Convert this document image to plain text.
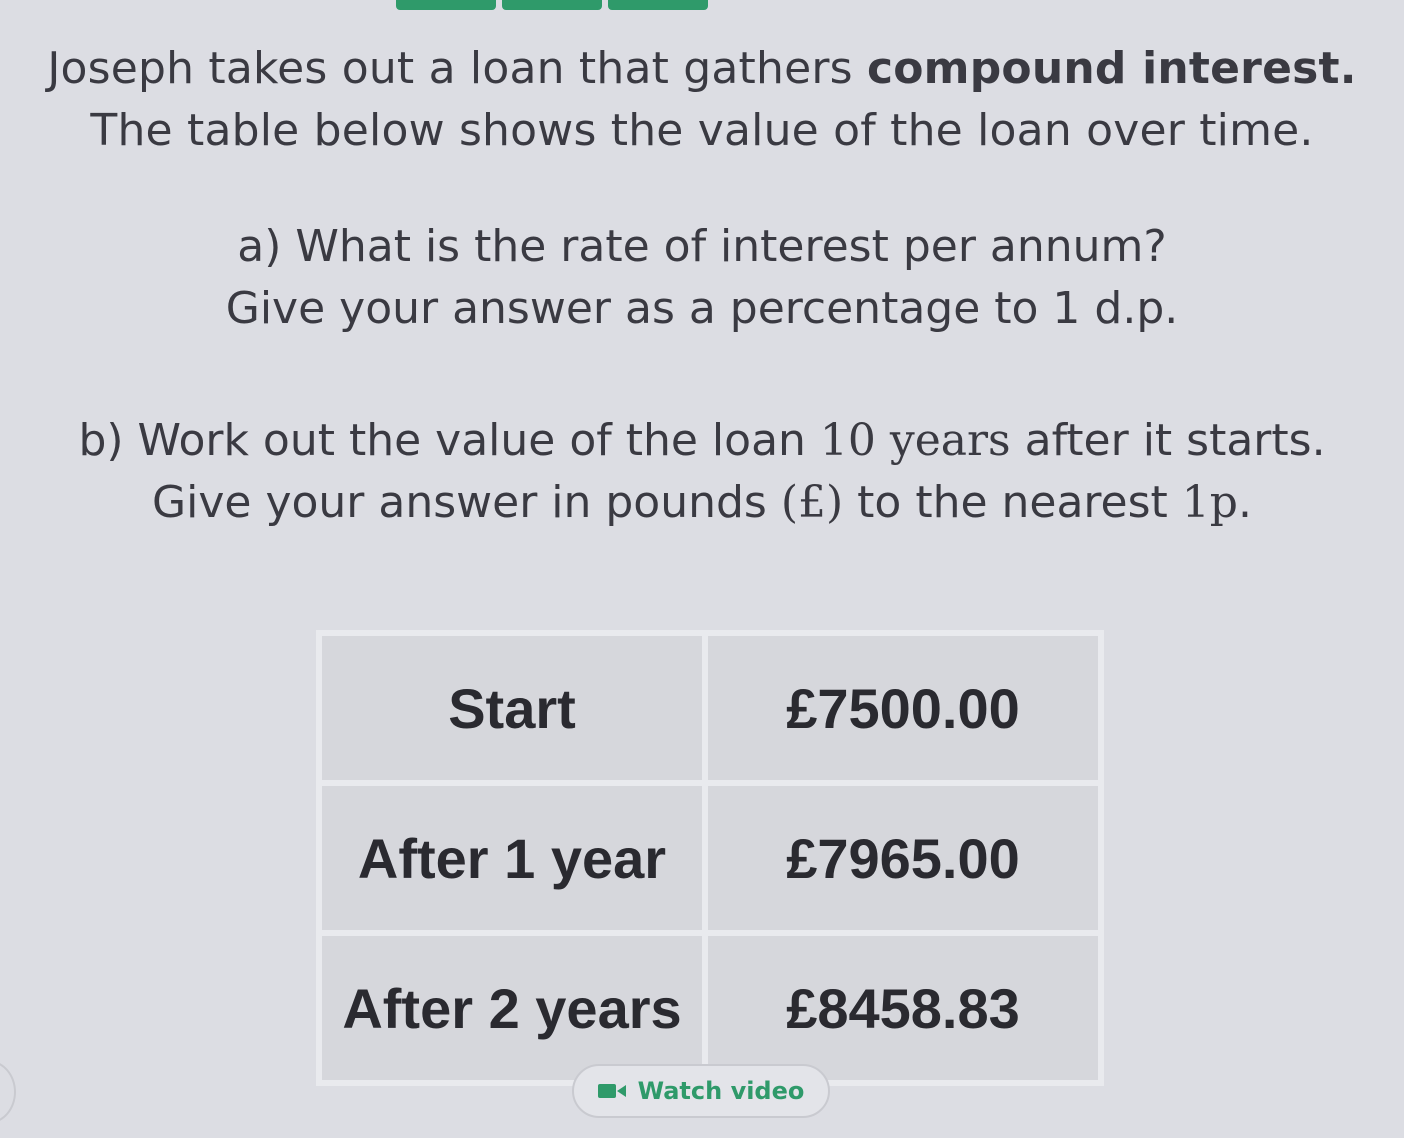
Joseph takes out a loan that gathers compound interest.

The table below shows the value of the loan over time.

a) What is the rate of interest per annum?

Give your answer as a percentage to 1 d.p.

b) Work out the value of the loan 10 years after it starts.

Give your answer in pounds (£) to the nearest 1p.

Start	£7500.00
After 1 year	£7965.00
After 2 years	£8458.83
Watch video
